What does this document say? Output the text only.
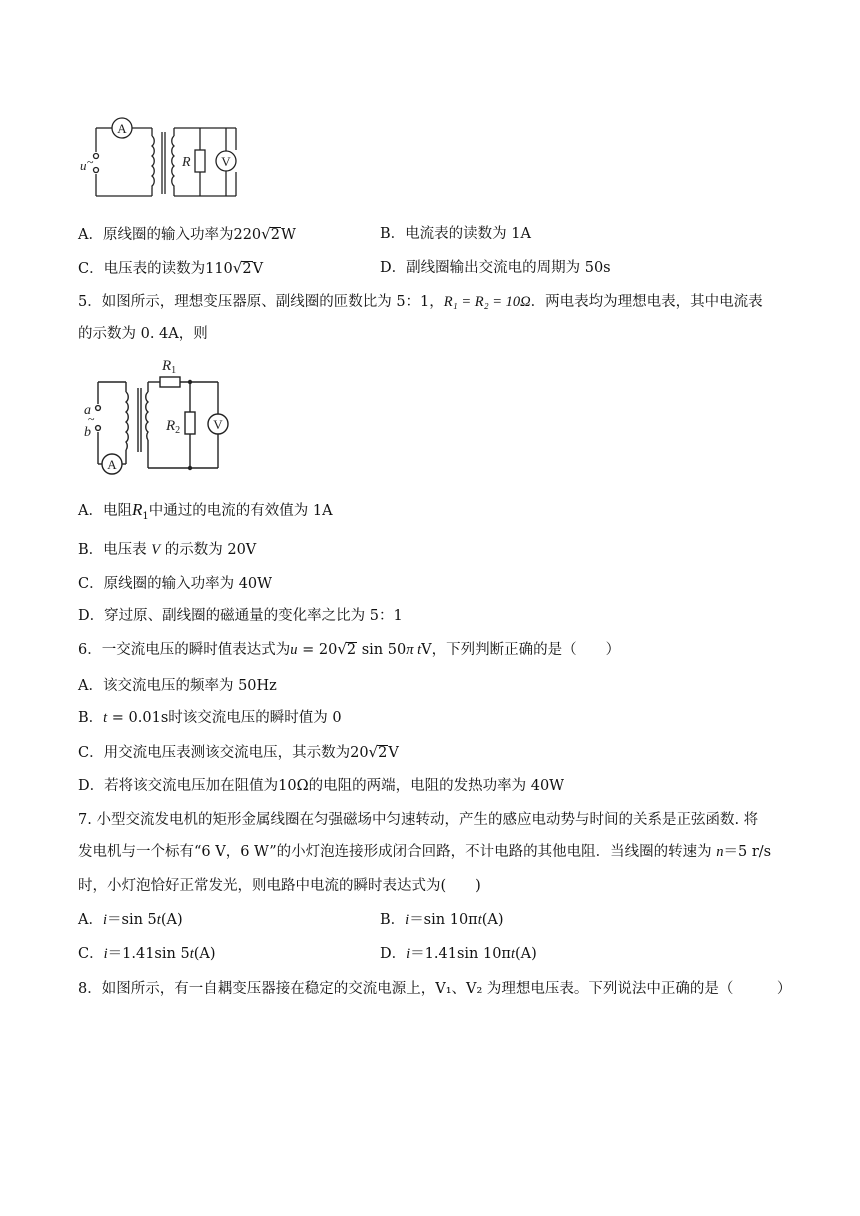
A
V
R
u ~
A．原线圈的输入功率为220√2W	B．电流表的读数为 1A
C．电压表的读数为110√2V	D．副线圈输出交流电的周期为 50s
5．如图所示，理想变压器原、副线圈的匝数比为 5：1，R₁ = R₂ = 10Ω．两电表均为理想电表，其中电流表
的示数为 0. 4A，则
$R_1$
$R_2$	V
A
a
b
~
A．电阻$R_1$中通过的电流的有效值为 1A
B．电压表 V 的示数为 20V
C．原线圈的输入功率为 40W
D．穿过原、副线圈的磁通量的变化率之比为 5：1
6．一交流电压的瞬时值表达式为u = 20√2 sin 50π tV，下列判断正确的是（　　）
A．该交流电压的频率为 50Hz
B．t = 0.01s时该交流电压的瞬时值为 0
C．用交流电压表测该交流电压，其示数为20√2V
D．若将该交流电压加在阻值为10Ω的电阻的两端，电阻的发热功率为 40W
7. 小型交流发电机的矩形金属线圈在匀强磁场中匀速转动，产生的感应电动势与时间的关系是正弦函数. 将
发电机与一个标有“6 V，6 W”的小灯泡连接形成闭合回路，不计电路的其他电阻．当线圈的转速为 n＝5 r/s
时，小灯泡恰好正常发光，则电路中电流的瞬时表达式为(　　)
A．i＝sin 5t(A)	B．i＝sin 10πt(A)
C．i＝1.41sin 5t(A)	D．i＝1.41sin 10πt(A)
8．如图所示，有一自耦变压器接在稳定的交流电源上，V₁、V₂ 为理想电压表。下列说法中正确的是（　　　）
